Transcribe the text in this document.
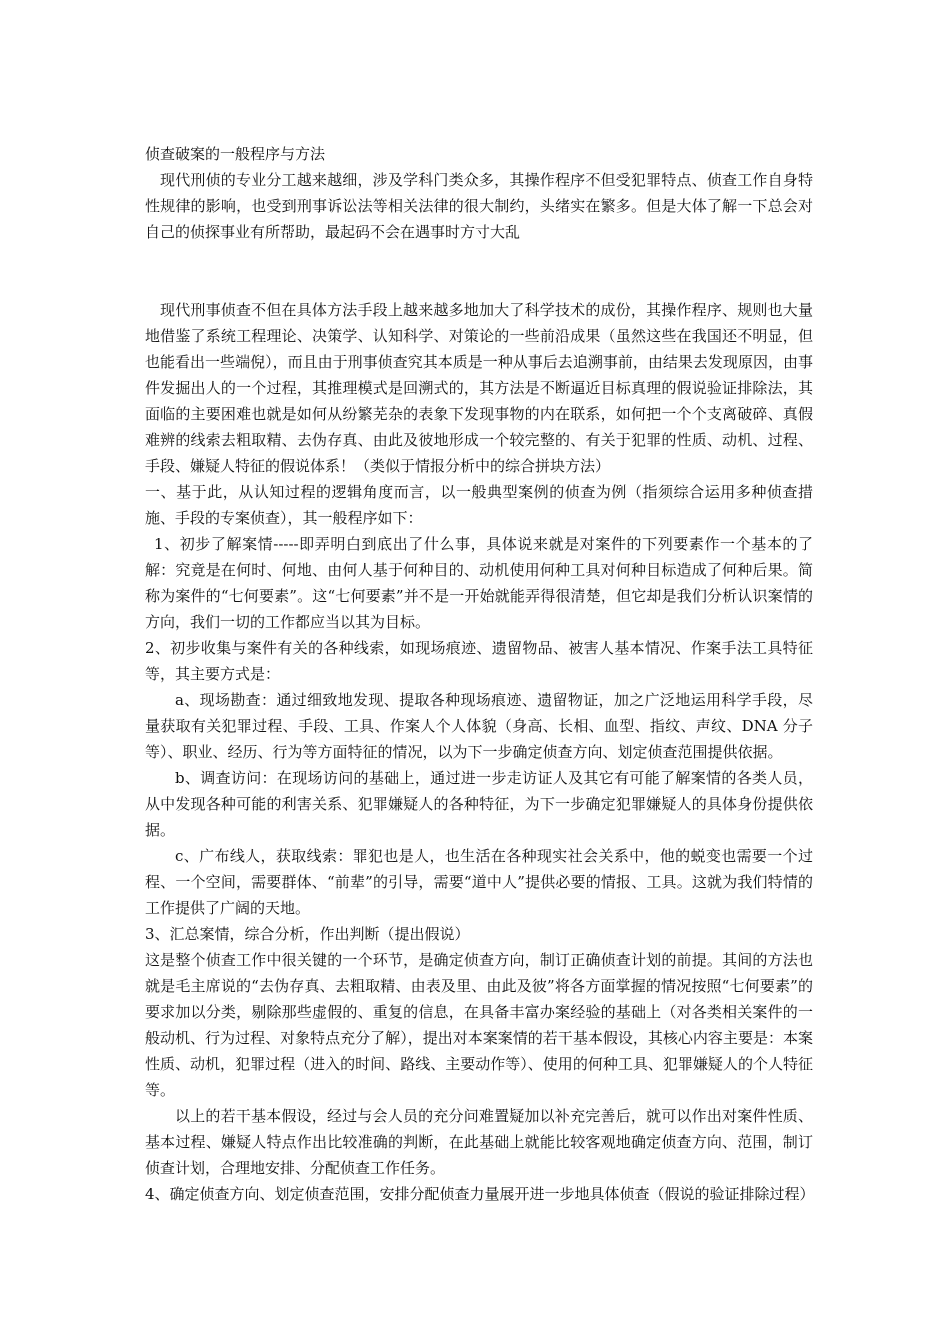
侦查破案的一般程序与方法

现代刑侦的专业分工越来越细，涉及学科门类众多，其操作程序不但受犯罪特点、侦查工作自身特性规律的影响，也受到刑事诉讼法等相关法律的很大制约，头绪实在繁多。但是大体了解一下总会对自己的侦探事业有所帮助，最起码不会在遇事时方寸大乱

现代刑事侦查不但在具体方法手段上越来越多地加大了科学技术的成份，其操作程序、规则也大量地借鉴了系统工程理论、决策学、认知科学、对策论的一些前沿成果（虽然这些在我国还不明显，但也能看出一些端倪），而且由于刑事侦查究其本质是一种从事后去追溯事前，由结果去发现原因，由事件发掘出人的一个过程，其推理模式是回溯式的，其方法是不断逼近目标真理的假说验证排除法，其面临的主要困难也就是如何从纷繁芜杂的表象下发现事物的内在联系，如何把一个个支离破碎、真假难辨的线索去粗取精、去伪存真、由此及彼地形成一个较完整的、有关于犯罪的性质、动机、过程、手段、嫌疑人特征的假说体系！（类似于情报分析中的综合拼块方法）

一、基于此，从认知过程的逻辑角度而言，以一般典型案例的侦查为例（指须综合运用多种侦查措施、手段的专案侦查），其一般程序如下：

1、初步了解案情-----即弄明白到底出了什么事，具体说来就是对案件的下列要素作一个基本的了解：究竟是在何时、何地、由何人基于何种目的、动机使用何种工具对何种目标造成了何种后果。简称为案件的“七何要素”。这“七何要素”并不是一开始就能弄得很清楚，但它却是我们分析认识案情的方向，我们一切的工作都应当以其为目标。

2、初步收集与案件有关的各种线索，如现场痕迹、遗留物品、被害人基本情况、作案手法工具特征等，其主要方式是：

a、现场勘查：通过细致地发现、提取各种现场痕迹、遗留物证，加之广泛地运用科学手段，尽量获取有关犯罪过程、手段、工具、作案人个人体貌（身高、长相、血型、指纹、声纹、DNA 分子等）、职业、经历、行为等方面特征的情况，以为下一步确定侦查方向、划定侦查范围提供依据。

b、调查访问：在现场访问的基础上，通过进一步走访证人及其它有可能了解案情的各类人员，从中发现各种可能的利害关系、犯罪嫌疑人的各种特征，为下一步确定犯罪嫌疑人的具体身份提供依据。

c、广布线人，获取线索：罪犯也是人，也生活在各种现实社会关系中，他的蜕变也需要一个过程、一个空间，需要群体、“前辈”的引导，需要“道中人”提供必要的情报、工具。这就为我们特情的工作提供了广阔的天地。

3、汇总案情，综合分析，作出判断（提出假说）

这是整个侦查工作中很关键的一个环节，是确定侦查方向，制订正确侦查计划的前提。其间的方法也就是毛主席说的“去伪存真、去粗取精、由表及里、由此及彼”将各方面掌握的情况按照“七何要素”的要求加以分类，剔除那些虚假的、重复的信息，在具备丰富办案经验的基础上（对各类相关案件的一般动机、行为过程、对象特点充分了解），提出对本案案情的若干基本假设，其核心内容主要是：本案性质、动机，犯罪过程（进入的时间、路线、主要动作等）、使用的何种工具、犯罪嫌疑人的个人特征等。

以上的若干基本假设，经过与会人员的充分问难置疑加以补充完善后，就可以作出对案件性质、基本过程、嫌疑人特点作出比较准确的判断，在此基础上就能比较客观地确定侦查方向、范围，制订侦查计划，合理地安排、分配侦查工作任务。

4、确定侦查方向、划定侦查范围，安排分配侦查力量展开进一步地具体侦查（假说的验证排除过程）
